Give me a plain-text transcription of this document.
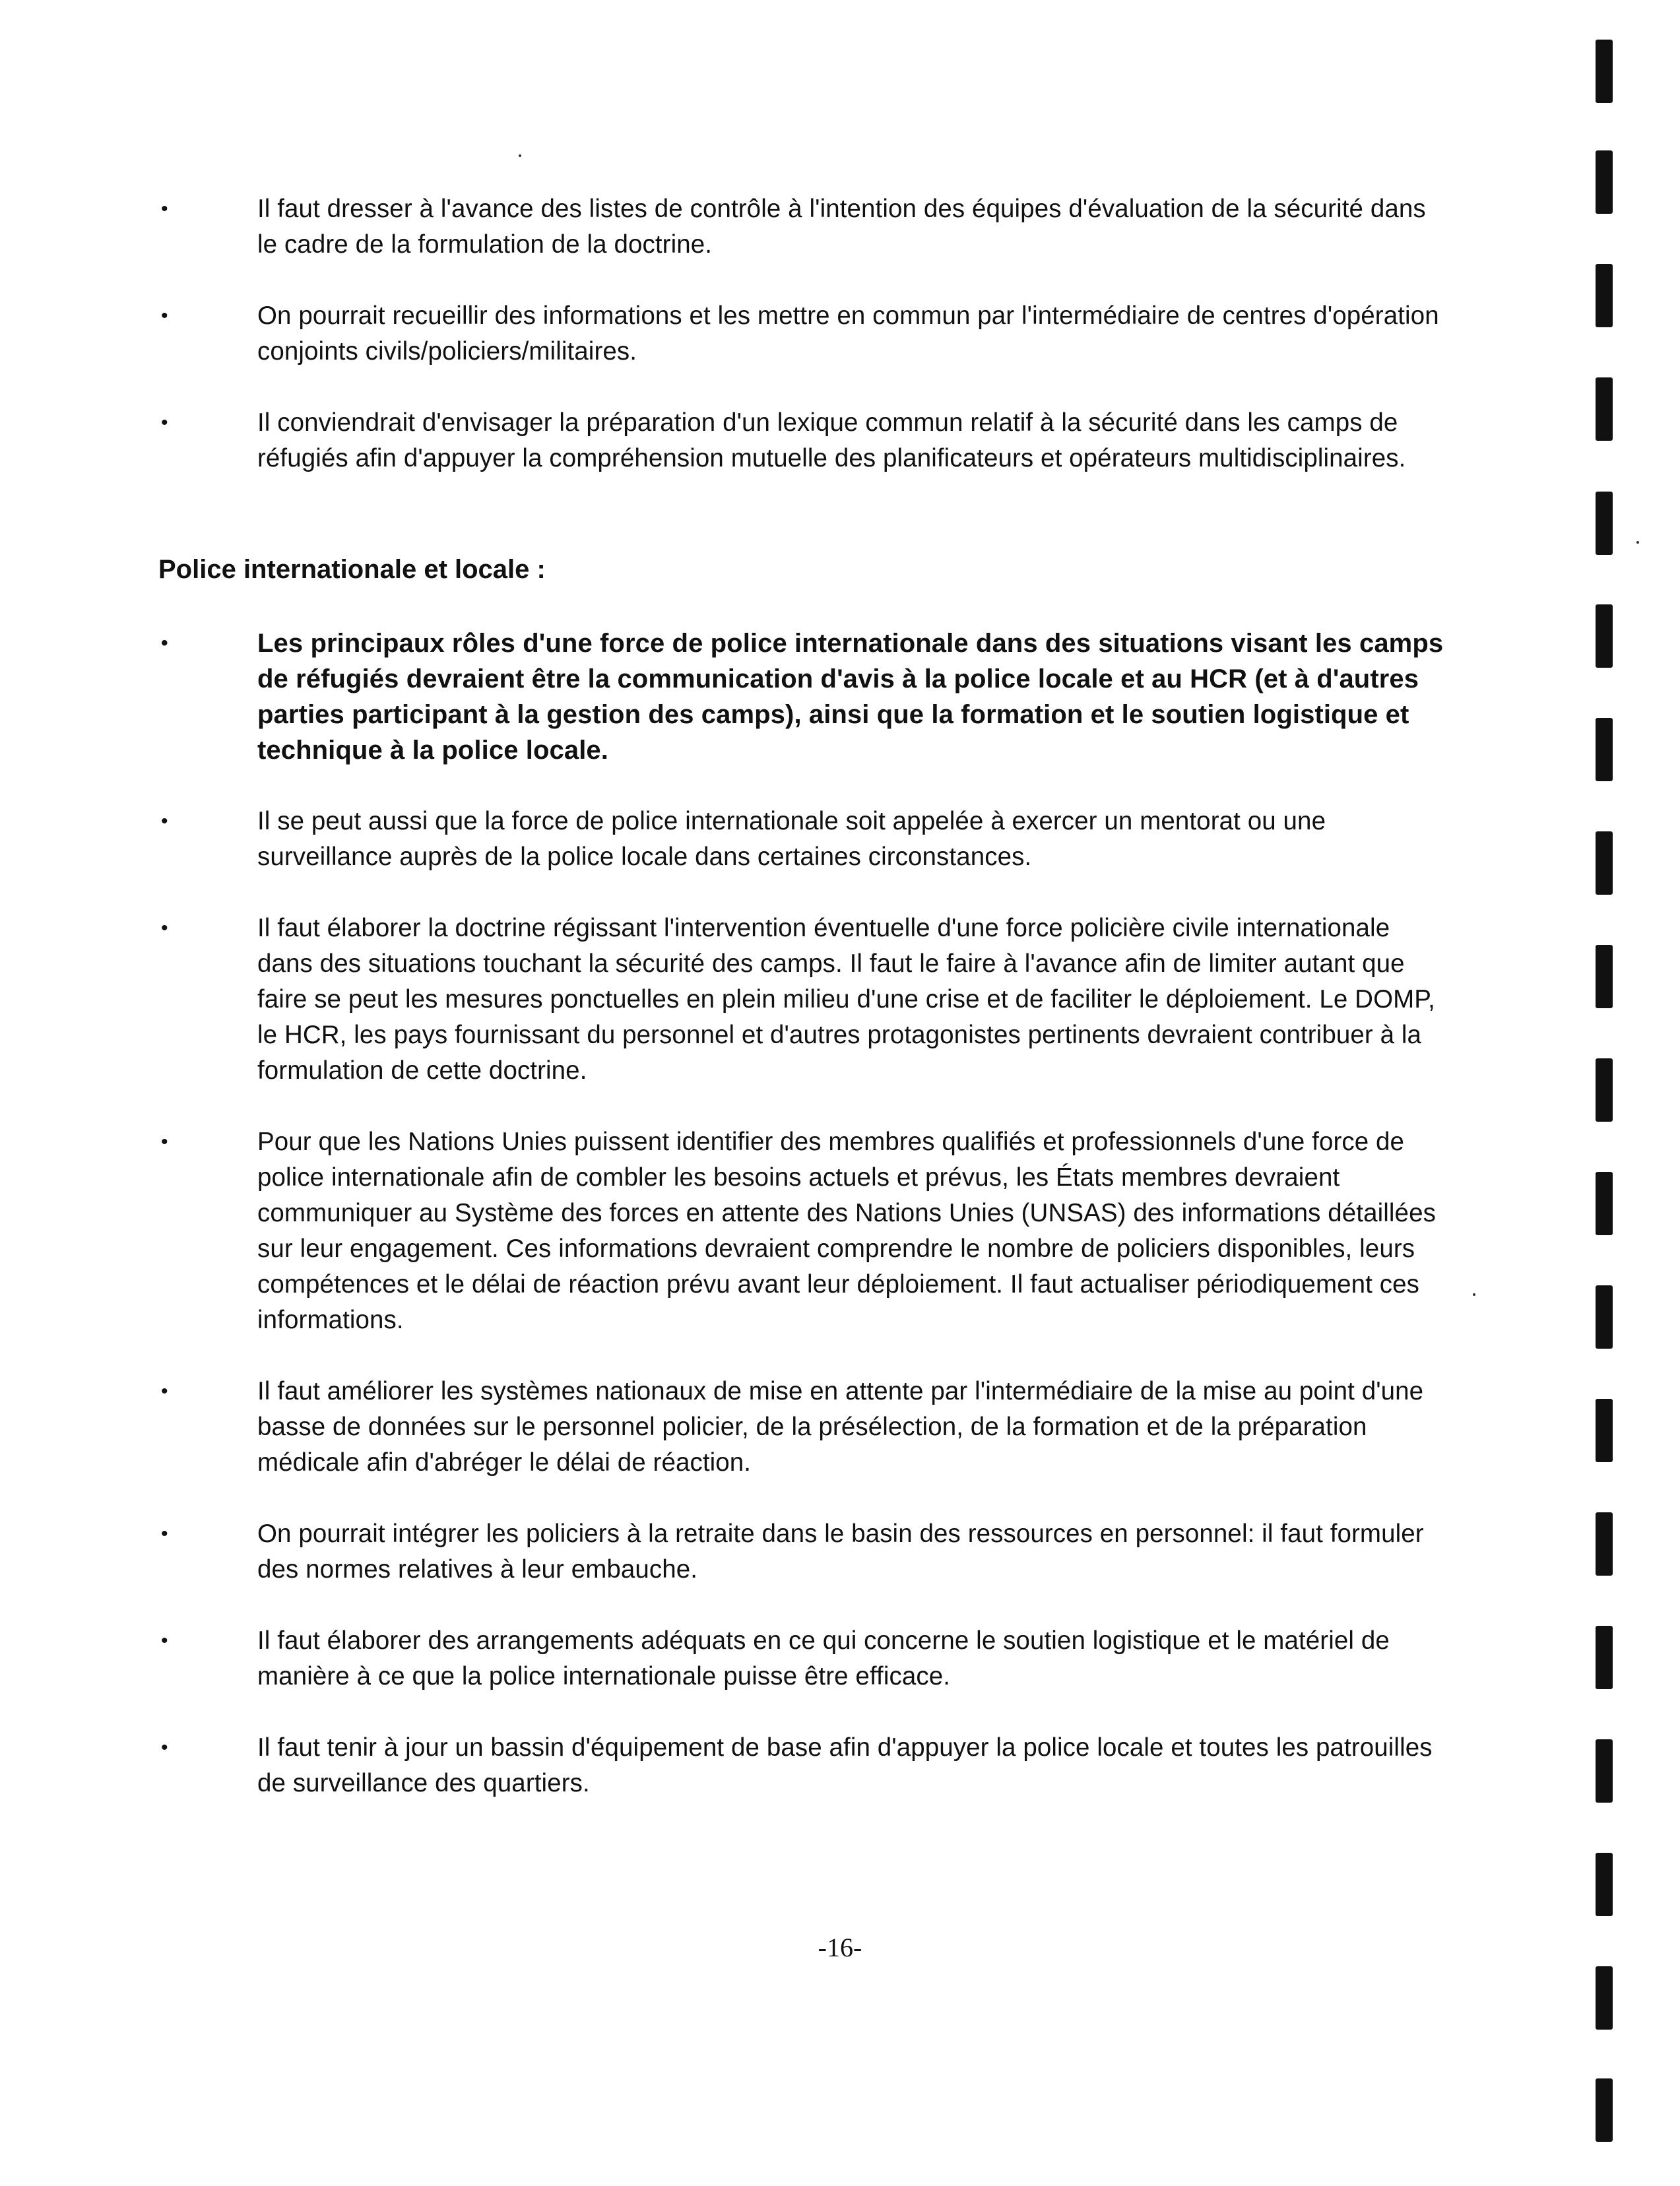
•	Il faut dresser à l'avance des listes de contrôle à l'intention des équipes d'évaluation de la sécurité dans le cadre de la formulation de la doctrine.
•	On pourrait recueillir des informations et les mettre en commun par l'intermédiaire de centres d'opération conjoints civils/policiers/militaires.
•	Il conviendrait d'envisager la préparation d'un lexique commun relatif à la sécurité dans les camps de réfugiés afin d'appuyer la compréhension mutuelle des planificateurs et opérateurs multidisciplinaires.
Police internationale et locale :
•	Les principaux rôles d'une force de police internationale dans des situations visant les camps de réfugiés devraient être la communication d'avis à la police locale et au HCR (et à d'autres parties participant à la gestion des camps), ainsi que la formation et le soutien logistique et technique à la police locale.
•	Il se peut aussi que la force de police internationale soit appelée à exercer un mentorat ou une surveillance auprès de la police locale dans certaines circonstances.
•	Il faut élaborer la doctrine régissant l'intervention éventuelle d'une force policière civile internationale dans des situations touchant la sécurité des camps. Il faut le faire à l'avance afin de limiter autant que faire se peut les mesures ponctuelles en plein milieu d'une crise et de faciliter le déploiement. Le DOMP, le HCR, les pays fournissant du personnel et d'autres protagonistes pertinents devraient contribuer à la formulation de cette doctrine.
•	Pour que les Nations Unies puissent identifier des membres qualifiés et professionnels d'une force de police internationale afin de combler les besoins actuels et prévus, les États membres devraient communiquer au Système des forces en attente des Nations Unies (UNSAS) des informations détaillées sur leur engagement. Ces informations devraient comprendre le nombre de policiers disponibles, leurs compétences et le délai de réaction prévu avant leur déploiement. Il faut actualiser périodiquement ces informations.
•	Il faut améliorer les systèmes nationaux de mise en attente par l'intermédiaire de la mise au point d'une basse de données sur le personnel policier, de la présélection, de la formation et de la préparation médicale afin d'abréger le délai de réaction.
•	On pourrait intégrer les policiers à la retraite dans le basin des ressources en personnel: il faut formuler des normes relatives à leur embauche.
•	Il faut élaborer des arrangements adéquats en ce qui concerne le soutien logistique et le matériel de manière à ce que la police internationale puisse être efficace.
•	Il faut tenir à jour un bassin d'équipement de base afin d'appuyer la police locale et toutes les patrouilles de surveillance des quartiers.
-16-
